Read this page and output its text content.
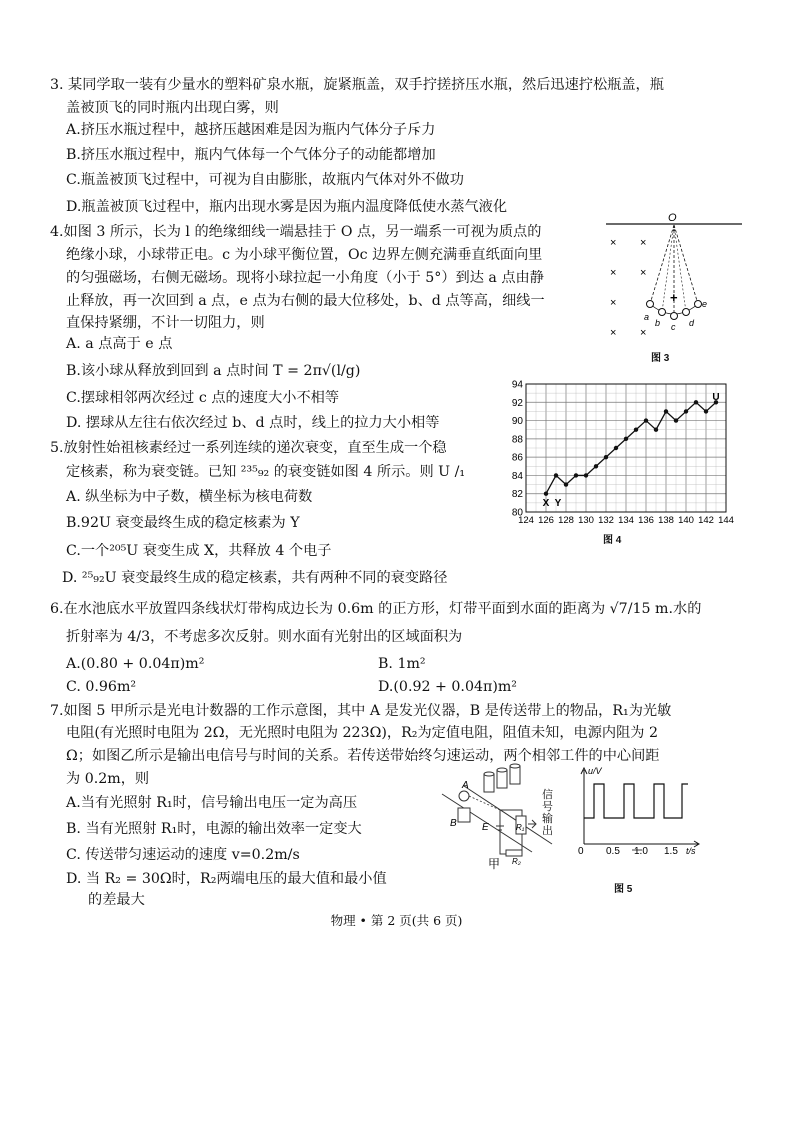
3. 某同学取一装有少量水的塑料矿泉水瓶，旋紧瓶盖，双手拧搓挤压水瓶，然后迅速拧松瓶盖，瓶
盖被顶飞的同时瓶内出现白雾，则
A.挤压水瓶过程中，越挤压越困难是因为瓶内气体分子斥力
B.挤压水瓶过程中，瓶内气体每一个气体分子的动能都增加
C.瓶盖被顶飞过程中，可视为自由膨胀，故瓶内气体对外不做功
D.瓶盖被顶飞过程中，瓶内出现水雾是因为瓶内温度降低使水蒸气液化
4.如图 3 所示，长为 l 的绝缘细线一端悬挂于 O 点，另一端系一可视为质点的
绝缘小球，小球带正电。c 为小球平衡位置，Oc 边界左侧充满垂直纸面向里
的匀强磁场，右侧无磁场。现将小球拉起一小角度（小于 5°）到达 a 点由静
止释放，再一次回到 a 点，e 点为右侧的最大位移处，b、d 点等高，细线一
直保持紧绷，不计一切阻力，则
A. a 点高于 e 点
B.该小球从释放到回到 a 点时间 T = 2π√(l/g)
C.摆球相邻两次经过 c 点的速度大小不相等
D. 摆球从左往右依次经过 b、d 点时，线上的拉力大小相等
O
+
a
b c d
e
× ×
× ×
×
× ×
图 3
5.放射性始祖核素经过一系列连续的递次衰变，直至生成一个稳
定核素，称为衰变链。已知 ²³⁵₉₂ 的衰变链如图 4 所示。则 U /₁
A. 纵坐标为中子数，横坐标为核电荷数
B.92U 衰变最终生成的稳定核素为 Y
C.一个²⁰⁵U 衰变生成 X，共释放 4 个电子
D. ²⁵₉₂U 衰变最终生成的稳定核素，共有两种不同的衰变路径
124 126 128 130 132 134 136 138 140 142 144
80
82
84
86
88
90
92
94
X Y
U
图 4
6.在水池底水平放置四条线状灯带构成边长为 0.6m 的正方形，灯带平面到水面的距离为 √7/15 m.水的
折射率为 4/3，不考虑多次反射。则水面有光射出的区域面积为
A.(0.80 + 0.04π)m²	B. 1m²
C. 0.96m²	D.(0.92 + 0.04π)m²
7.如图 5 甲所示是光电计数器的工作示意图，其中 A 是发光仪器，B 是传送带上的物品，R₁为光敏
电阻(有光照时电阻为 2Ω，无光照时电阻为 223Ω)，R₂为定值电阻，阻值未知，电源内阻为 2
Ω；如图乙所示是输出电信号与时间的关系。若传送带始终匀速运动，两个相邻工件的中心间距
为 0.2m，则
A.当有光照射 R₁时，信号输出电压一定为高压
B. 当有光照射 R₁时，电源的输出效率一定变大
C. 传送带匀速运动的速度 v=0.2m/s
D. 当 R₂ = 30Ω时，R₂两端电压的最大值和最小值
的差最大
A
B	R₁
E
R₂
甲
信号输出
u/V
t/s
0 0.5 1.0 1.5
图 5
物理 • 第 2 页(共 6 页)
